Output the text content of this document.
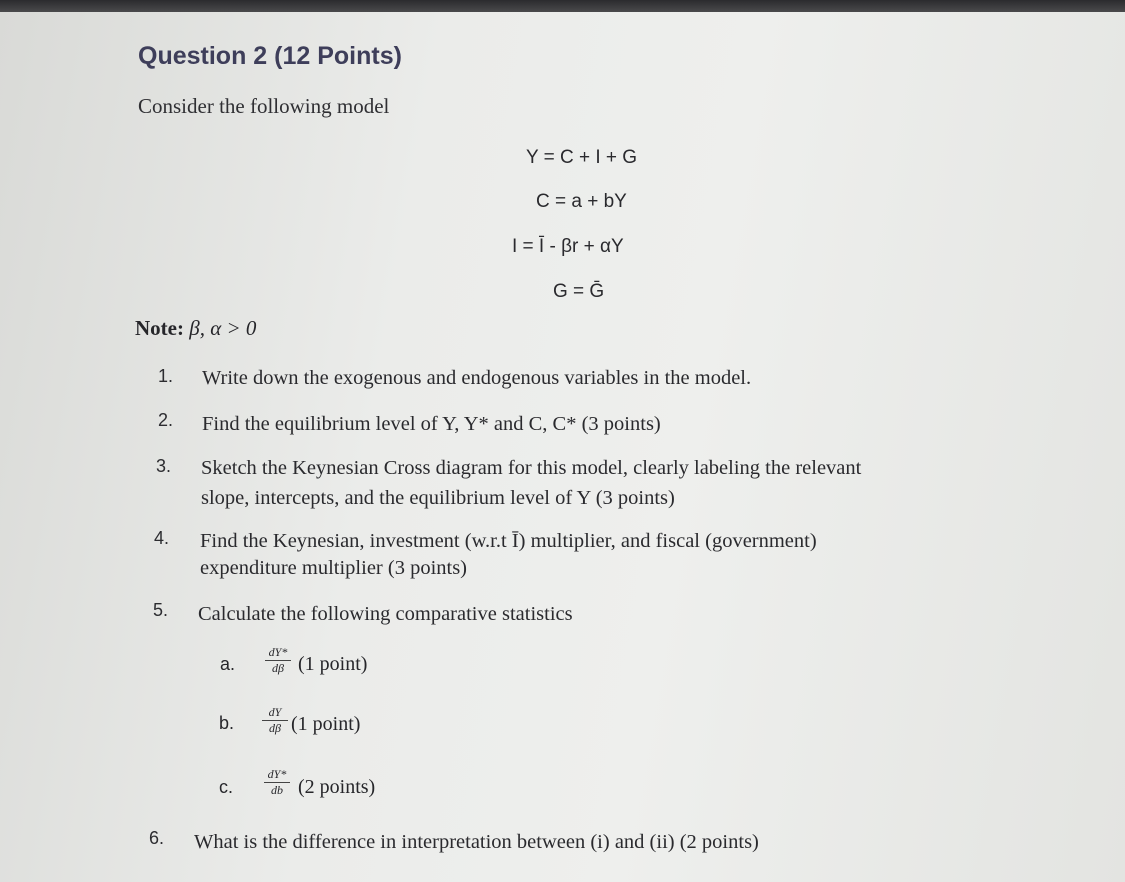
Question 2 (12 Points)
Consider the following model
Y = C + I + G
C = a + bY
I = Ī - βr + αY
G = Ḡ
Note: β, α > 0
1. Write down the exogenous and endogenous variables in the model.
2. Find the equilibrium level of Y, Y* and C, C* (3 points)
3. Sketch the Keynesian Cross diagram for this model, clearly labeling the relevant
slope, intercepts, and the equilibrium level of Y (3 points)
4. Find the Keynesian, investment (w.r.t Ī) multiplier, and fiscal (government)
expenditure multiplier (3 points)
5. Calculate the following comparative statistics
a. $\frac{dY*}{d\beta} (1$ point)
b. $\frac{dY}{d\beta} (1$ point)
c.	$\frac{dY*}{db} (2$ points)
6. What is the difference in interpretation between (i) and (ii) (2 points)
